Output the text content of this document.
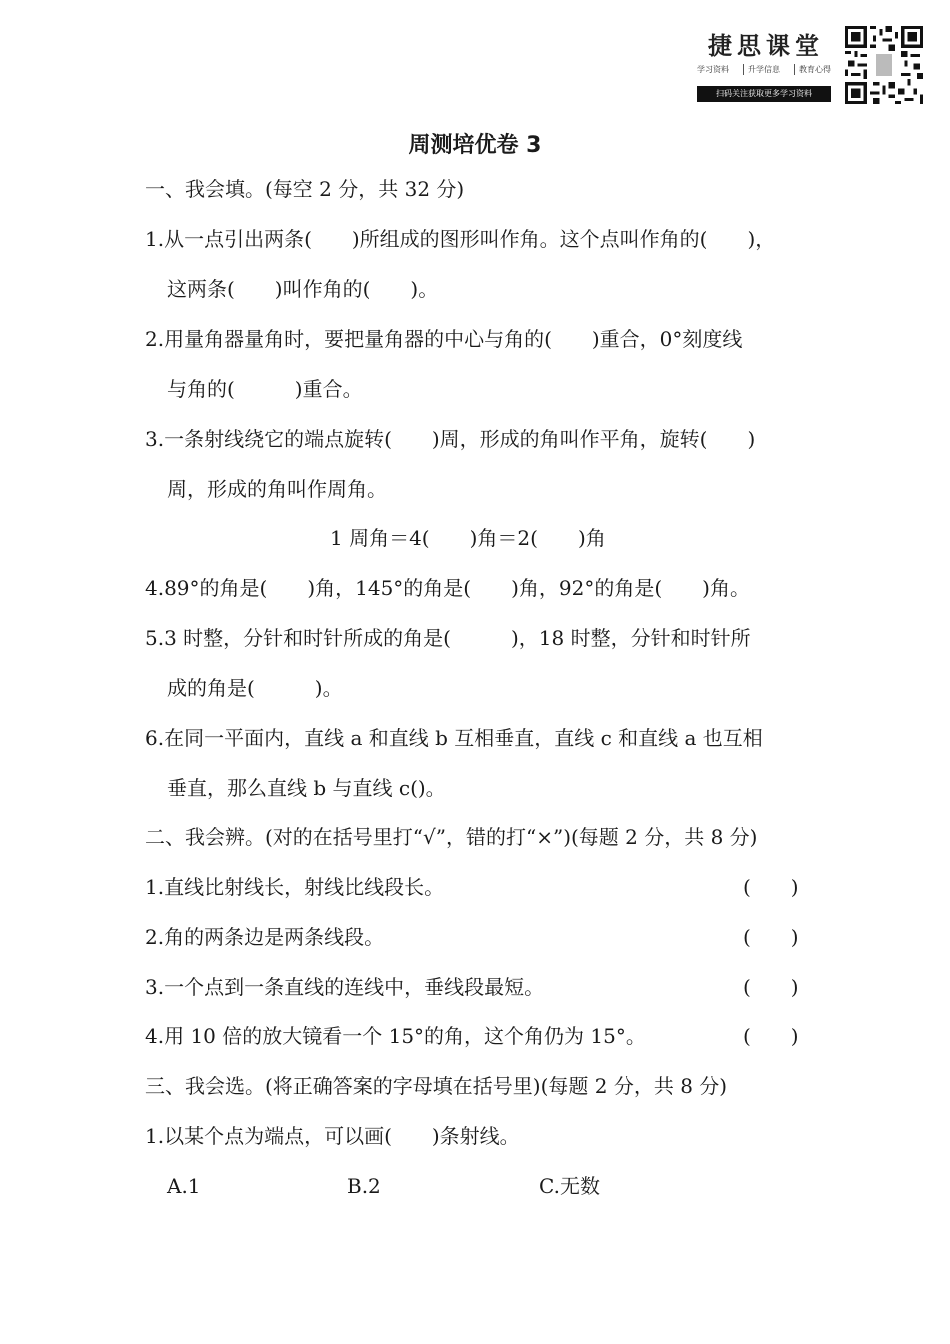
捷思课堂
学习资料	升学信息	教育心得
扫码关注获取更多学习资料
周测培优卷 3
一、我会填。(每空 2 分，共 32 分)
1.从一点引出两条(　　)所组成的图形叫作角。这个点叫作角的(　　)，
这两条(　　)叫作角的(　　)。
2.用量角器量角时，要把量角器的中心与角的(　　)重合，0°刻度线
与角的(　　　)重合。
3.一条射线绕它的端点旋转(　　)周，形成的角叫作平角，旋转(　　)
周，形成的角叫作周角。
1 周角＝4(　　)角＝2(　　)角
4.89°的角是(　　)角，145°的角是(　　)角，92°的角是(　　)角。
5.3 时整，分针和时针所成的角是(　　　)，18 时整，分针和时针所
成的角是(　　　)。
6.在同一平面内，直线 a 和直线 b 互相垂直，直线 c 和直线 a 也互相
垂直，那么直线 b 与直线 c()。
二、我会辨。(对的在括号里打“√”，错的打“×”)(每题 2 分，共 8 分)
1.直线比射线长，射线比线段长。	(　　)
2.角的两条边是两条线段。	(　　)
3.一个点到一条直线的连线中，垂线段最短。	(　　)
4.用 10 倍的放大镜看一个 15°的角，这个角仍为 15°。	(　　)
三、我会选。(将正确答案的字母填在括号里)(每题 2 分，共 8 分)
1.以某个点为端点，可以画(　　)条射线。
A.1	B.2	C.无数
